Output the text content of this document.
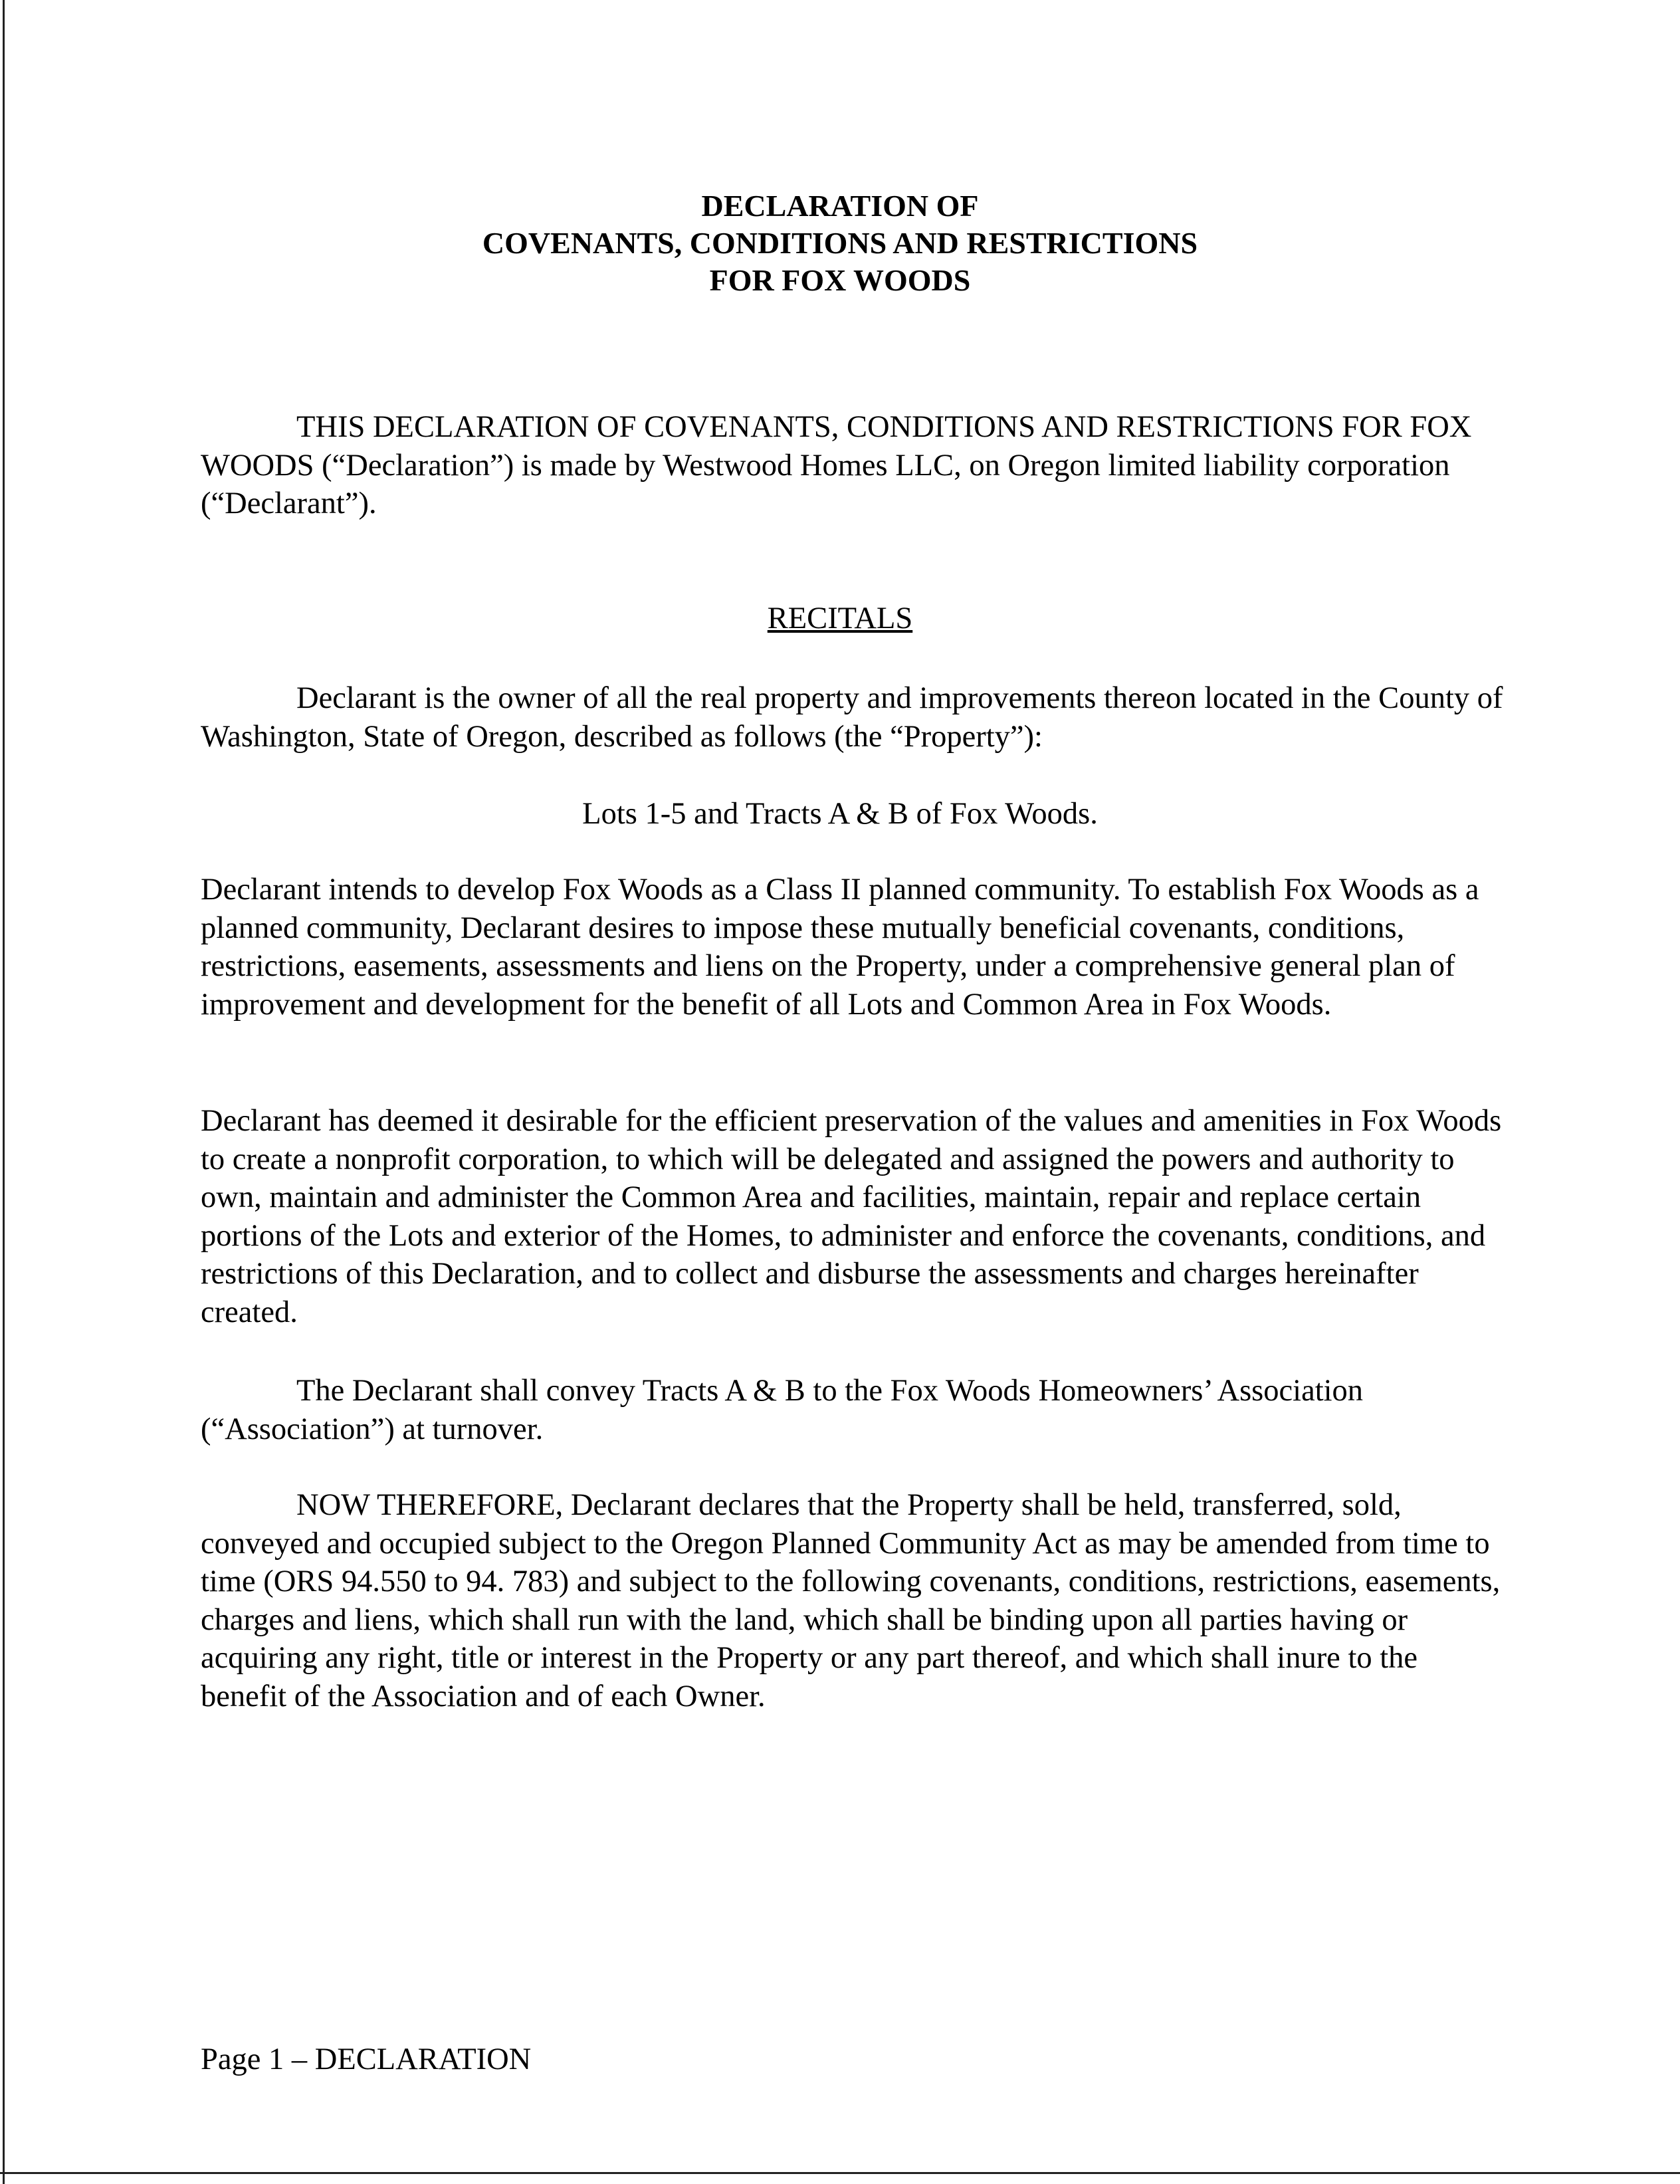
DECLARATION OF
COVENANTS, CONDITIONS AND RESTRICTIONS
FOR FOX WOODS

THIS DECLARATION OF COVENANTS, CONDITIONS AND RESTRICTIONS FOR FOX WOODS (“Declaration”) is made by Westwood Homes LLC, on Oregon limited liability corporation (“Declarant”).

RECITALS

Declarant is the owner of all the real property and improvements thereon located in the County of Washington, State of Oregon, described as follows (the “Property”):

Lots 1-5 and Tracts A & B of Fox Woods.

Declarant intends to develop Fox Woods as a Class II planned community. To establish Fox Woods as a planned community, Declarant desires to impose these mutually beneficial covenants, conditions, restrictions, easements, assessments and liens on the Property, under a comprehensive general plan of improvement and development for the benefit of all Lots and Common Area in Fox Woods.

Declarant has deemed it desirable for the efficient preservation of the values and amenities in Fox Woods to create a nonprofit corporation, to which will be delegated and assigned the powers and authority to own, maintain and administer the Common Area and facilities, maintain, repair and replace certain portions of the Lots and exterior of the Homes, to administer and enforce the covenants, conditions, and restrictions of this Declaration, and to collect and disburse the assessments and charges hereinafter created.

The Declarant shall convey Tracts A & B to the Fox Woods Homeowners’ Association (“Association”) at turnover.

NOW THEREFORE, Declarant declares that the Property shall be held, transferred, sold, conveyed and occupied subject to the Oregon Planned Community Act as may be amended from time to time (ORS 94.550 to 94. 783) and subject to the following covenants, conditions, restrictions, easements, charges and liens, which shall run with the land, which shall be binding upon all parties having or acquiring any right, title or interest in the Property or any part thereof, and which shall inure to the benefit of the Association and of each Owner.

Page 1 – DECLARATION
